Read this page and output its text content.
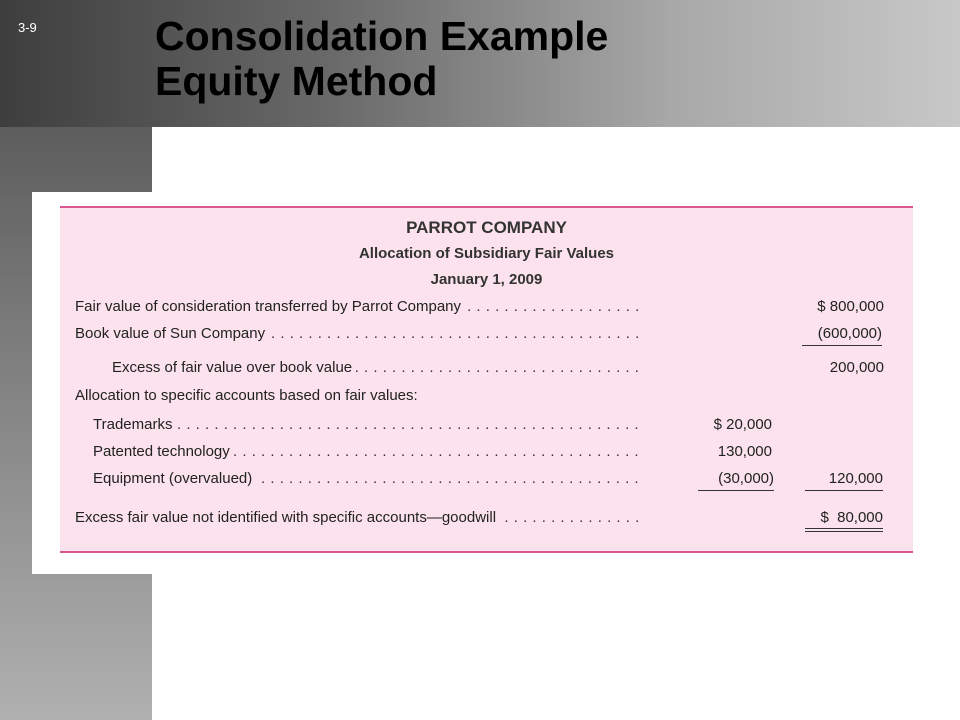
3-9	Consolidation Example
Equity Method
PARROT COMPANY
Allocation of Subsidiary Fair Values
January 1, 2009
Fair value of consideration transferred by Parrot Company . . .	$ 800,000
Book value of Sun Company . . .	(600,000)
Excess of fair value over book value . . .	200,000
Allocation to specific accounts based on fair values:
Trademarks . . .	$ 20,000
Patented technology . . .	130,000
Equipment (overvalued) . . .	(30,000)	120,000
Excess fair value not identified with specific accounts—goodwill . . .	$  80,000
